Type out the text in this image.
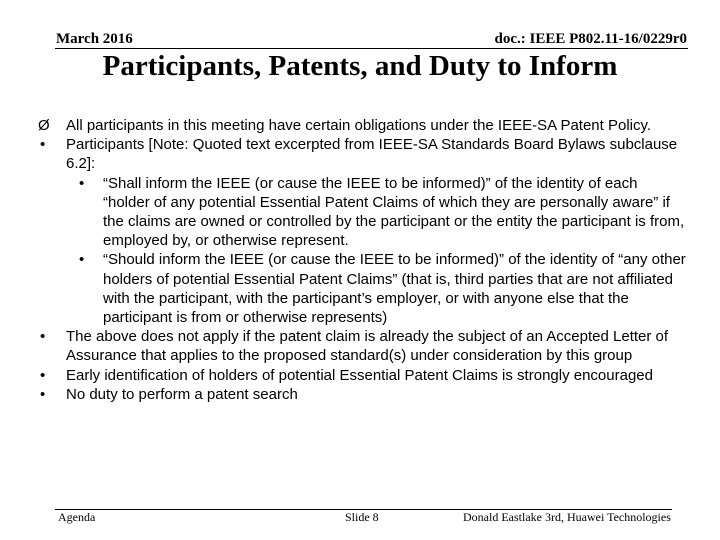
March 2016	doc.: IEEE P802.11-16/0229r0
Participants, Patents, and Duty to Inform
Ø All participants in this meeting have certain obligations under the IEEE-SA Patent Policy.
• Participants [Note: Quoted text excerpted from IEEE-SA Standards Board Bylaws subclause 6.2]:
• “Shall inform the IEEE (or cause the IEEE to be informed)” of the identity of each “holder of any potential Essential Patent Claims of which they are personally aware” if the claims are owned or controlled by the participant or the entity the participant is from, employed by, or otherwise represent.
• “Should inform the IEEE (or cause the IEEE to be informed)” of the identity of “any other holders of potential Essential Patent Claims” (that is, third parties that are not affiliated with the participant, with the participant’s employer, or with anyone else that the participant is from or otherwise represents)
• The above does not apply if the patent claim is already the subject of an Accepted Letter of Assurance that applies to the proposed standard(s) under consideration by this group
• Early identification of holders of potential Essential Patent Claims is strongly encouraged
• No duty to perform a patent search
Agenda	Slide 8	Donald Eastlake 3rd, Huawei Technologies
